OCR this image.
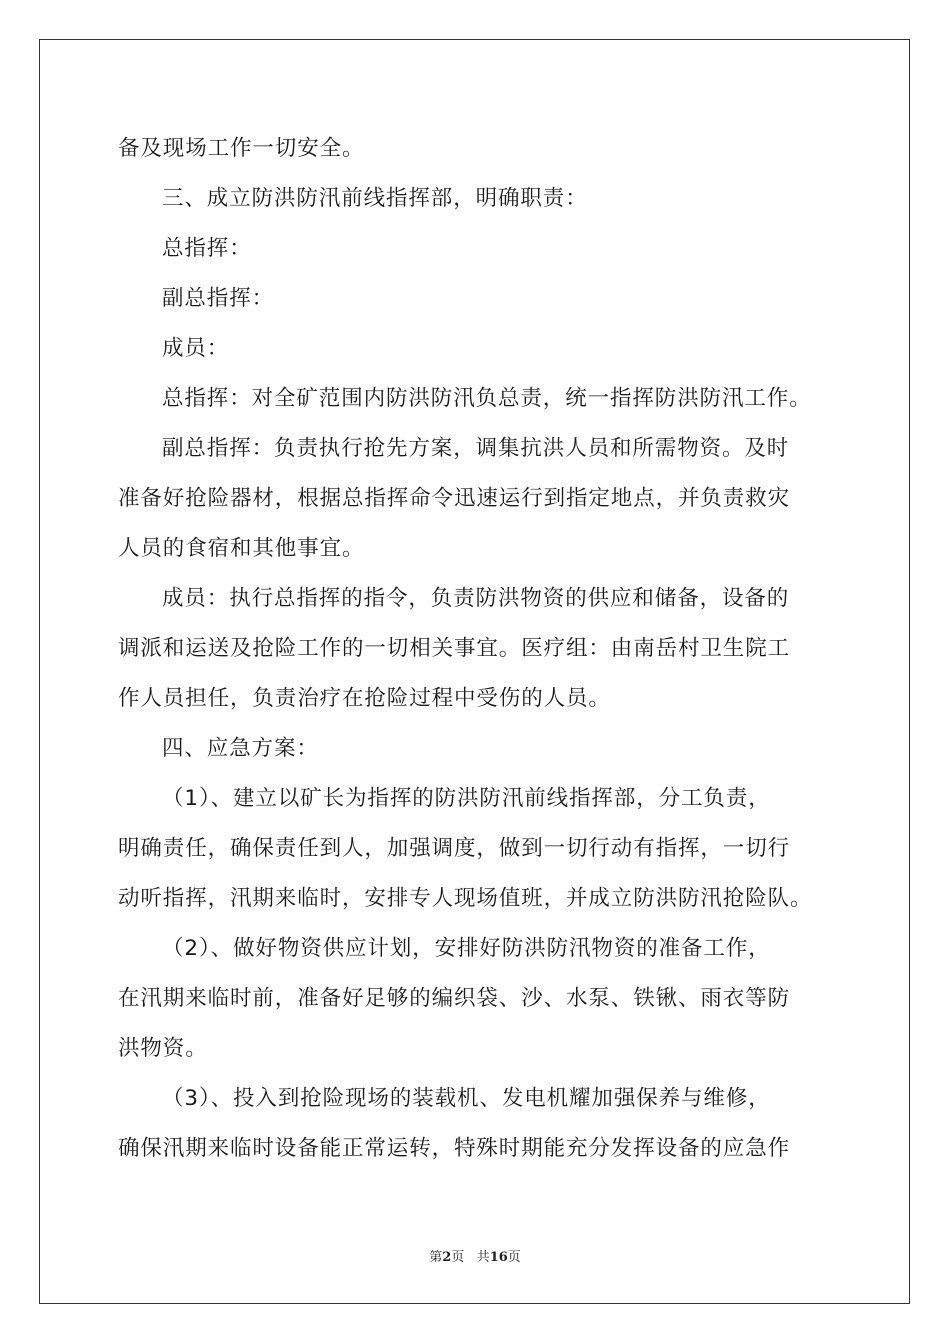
备及现场工作一切安全。
三、成立防洪防汛前线指挥部，明确职责：
总指挥：
副总指挥：
成员：
总指挥：对全矿范围内防洪防汛负总责，统一指挥防洪防汛工作。
副总指挥：负责执行抢先方案，调集抗洪人员和所需物资。及时
准备好抢险器材，根据总指挥命令迅速运行到指定地点，并负责救灾
人员的食宿和其他事宜。
成员：执行总指挥的指令，负责防洪物资的供应和储备，设备的
调派和运送及抢险工作的一切相关事宜。医疗组：由南岳村卫生院工
作人员担任，负责治疗在抢险过程中受伤的人员。
四、应急方案：
（1）、建立以矿长为指挥的防洪防汛前线指挥部，分工负责，
明确责任，确保责任到人，加强调度，做到一切行动有指挥，一切行
动听指挥，汛期来临时，安排专人现场值班，并成立防洪防汛抢险队。
（2）、做好物资供应计划，安排好防洪防汛物资的准备工作，
在汛期来临时前，准备好足够的编织袋、沙、水泵、铁锹、雨衣等防
洪物资。
（3）、投入到抢险现场的装载机、发电机耀加强保养与维修，
确保汛期来临时设备能正常运转，特殊时期能充分发挥设备的应急作
第2页 共16页
